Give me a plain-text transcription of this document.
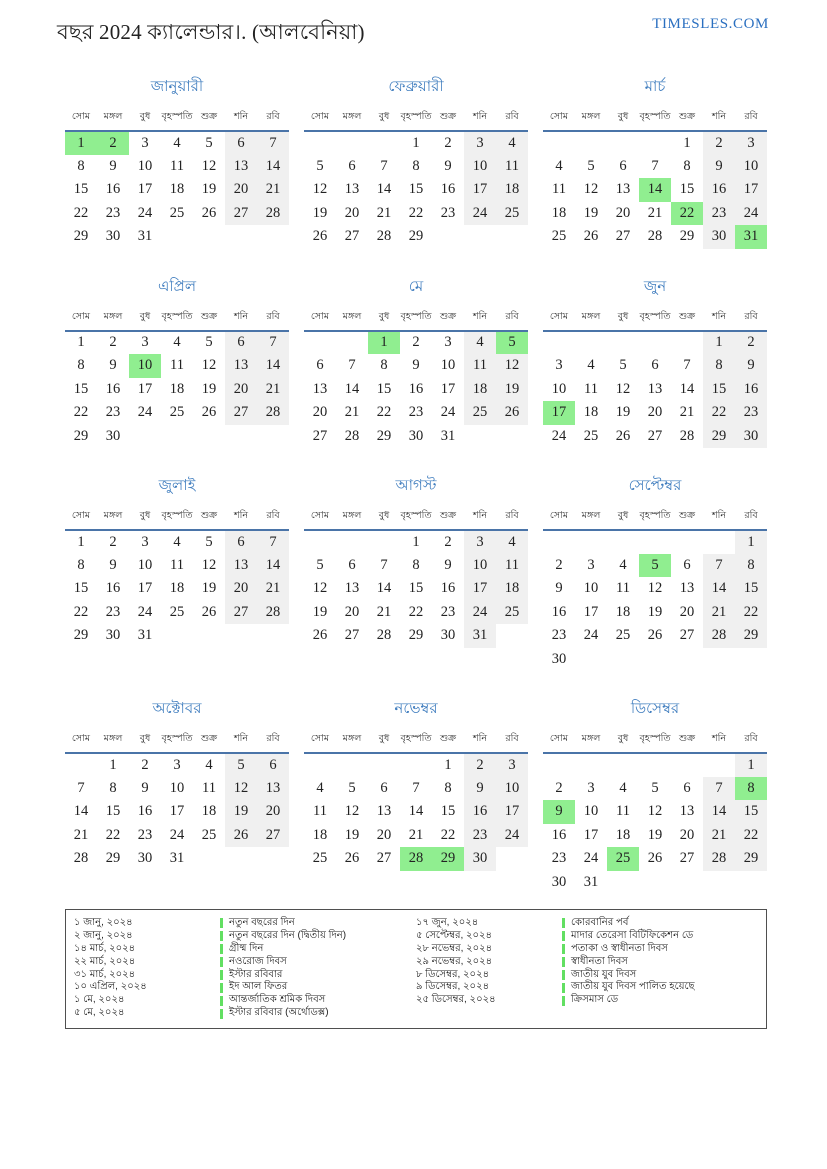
বছর 2024 ক্যালেন্ডার।. (আলবেনিয়া)	TIMESLES.COM
জানুয়ারী
সোম	মঙ্গল	বুধ	বৃহস্পতি	শুক্র	শনি	রবি
1	2	3	4	5	6	7
8	9	10	11	12	13	14
15	16	17	18	19	20	21
22	23	24	25	26	27	28
29	30	31				
ফেব্রুয়ারী
সোম	মঙ্গল	বুধ	বৃহস্পতি	শুক্র	শনি	রবি
			1	2	3	4
5	6	7	8	9	10	11
12	13	14	15	16	17	18
19	20	21	22	23	24	25
26	27	28	29			
মার্চ
সোম	মঙ্গল	বুধ	বৃহস্পতি	শুক্র	শনি	রবি
				1	2	3
4	5	6	7	8	9	10
11	12	13	14	15	16	17
18	19	20	21	22	23	24
25	26	27	28	29	30	31
এপ্রিল
সোম	মঙ্গল	বুধ	বৃহস্পতি	শুক্র	শনি	রবি
1	2	3	4	5	6	7
8	9	10	11	12	13	14
15	16	17	18	19	20	21
22	23	24	25	26	27	28
29	30					
মে
সোম	মঙ্গল	বুধ	বৃহস্পতি	শুক্র	শনি	রবি
		1	2	3	4	5
6	7	8	9	10	11	12
13	14	15	16	17	18	19
20	21	22	23	24	25	26
27	28	29	30	31		
জুন
সোম	মঙ্গল	বুধ	বৃহস্পতি	শুক্র	শনি	রবি
					1	2
3	4	5	6	7	8	9
10	11	12	13	14	15	16
17	18	19	20	21	22	23
24	25	26	27	28	29	30
জুলাই
সোম	মঙ্গল	বুধ	বৃহস্পতি	শুক্র	শনি	রবি
1	2	3	4	5	6	7
8	9	10	11	12	13	14
15	16	17	18	19	20	21
22	23	24	25	26	27	28
29	30	31				
আগস্ট
সোম	মঙ্গল	বুধ	বৃহস্পতি	শুক্র	শনি	রবি
			1	2	3	4
5	6	7	8	9	10	11
12	13	14	15	16	17	18
19	20	21	22	23	24	25
26	27	28	29	30	31	
সেপ্টেম্বর
সোম	মঙ্গল	বুধ	বৃহস্পতি	শুক্র	শনি	রবি
						1
2	3	4	5	6	7	8
9	10	11	12	13	14	15
16	17	18	19	20	21	22
23	24	25	26	27	28	29
30						
অক্টোবর
সোম	মঙ্গল	বুধ	বৃহস্পতি	শুক্র	শনি	রবি
	1	2	3	4	5	6
7	8	9	10	11	12	13
14	15	16	17	18	19	20
21	22	23	24	25	26	27
28	29	30	31			
নভেম্বর
সোম	মঙ্গল	বুধ	বৃহস্পতি	শুক্র	শনি	রবি
				1	2	3
4	5	6	7	8	9	10
11	12	13	14	15	16	17
18	19	20	21	22	23	24
25	26	27	28	29	30	
ডিসেম্বর
সোম	মঙ্গল	বুধ	বৃহস্পতি	শুক্র	শনি	রবি
						1
2	3	4	5	6	7	8
9	10	11	12	13	14	15
16	17	18	19	20	21	22
23	24	25	26	27	28	29
30	31					
১ জানু, ২০২৪	নতুন বছরের দিন
২ জানু, ২০২৪	নতুন বছরের দিন (দ্বিতীয় দিন)
১৪ মার্চ, ২০২৪	গ্রীষ্ম দিন
২২ মার্চ, ২০২৪	নওরোজ দিবস
৩১ মার্চ, ২০২৪	ইস্টার রবিবার
১০ এপ্রিল, ২০২৪	ইদ আল ফিতর
১ মে, ২০২৪	আন্তর্জাতিক শ্রমিক দিবস
৫ মে, ২০২৪	ইস্টার রবিবার (অর্থোডক্স)
১৭ জুন, ২০২৪	কোরবানির পর্ব
৫ সেপ্টেম্বর, ২০২৪	মাদার তেরেসা বিটিফিকেশন ডে
২৮ নভেম্বর, ২০২৪	পতাকা ও স্বাধীনতা দিবস
২৯ নভেম্বর, ২০২৪	স্বাধীনতা দিবস
৮ ডিসেম্বর, ২০২৪	জাতীয় যুব দিবস
৯ ডিসেম্বর, ২০২৪	জাতীয় যুব দিবস পালিত হয়েছে
২৫ ডিসেম্বর, ২০২৪	ক্রিসমাস ডে
